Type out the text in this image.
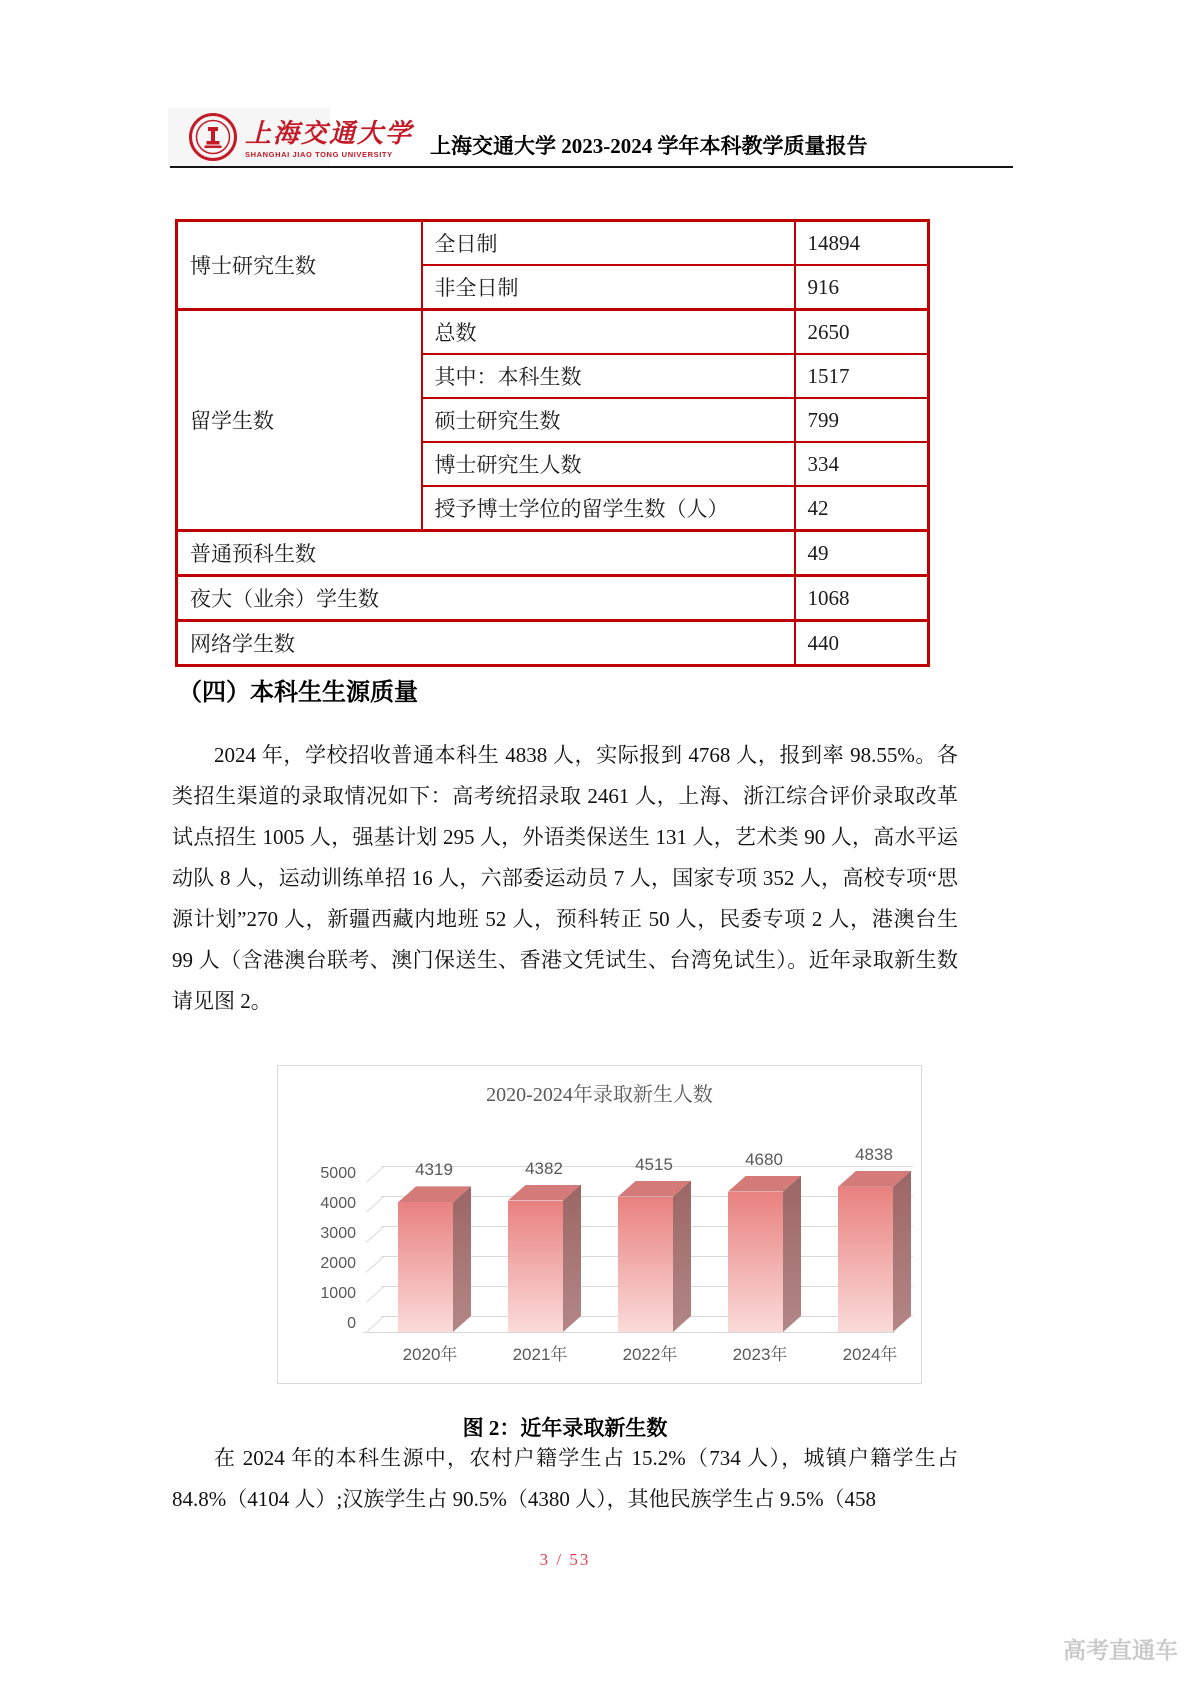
上海交通大学
SHANGHAI JIAO TONG UNIVERSITY	上海交通大学 2023-2024 学年本科教学质量报告
博士研究生数	全日制	14894
	非全日制	916
留学生数	总数	2650
	其中：本科生数	1517
	硕士研究生数	799
	博士研究生人数	334
	授予博士学位的留学生数（人）	42
普通预科生数		49
夜大（业余）学生数		1068
网络学生数		440
（四）本科生生源质量
2024 年，学校招收普通本科生 4838 人，实际报到 4768 人，报到率 98.55%。各类招生渠道的录取情况如下：高考统招录取 2461 人，上海、浙江综合评价录取改革试点招生 1005 人，强基计划 295 人，外语类保送生 131 人，艺术类 90 人，高水平运动队 8 人，运动训练单招 16 人，六部委运动员 7 人，国家专项 352 人，高校专项“思源计划”270 人，新疆西藏内地班 52 人，预科转正 50 人，民委专项 2 人，港澳台生 99 人（含港澳台联考、澳门保送生、香港文凭试生、台湾免试生）。近年录取新生数请见图 2。
2020-2024年录取新生人数
0
1000
2000
3000
4000
5000	4319
2020年
4382
2021年
4515
2022年
4680
2023年
4838
2024年
图 2：近年录取新生数
在 2024 年的本科生源中，农村户籍学生占 15.2%（734 人），城镇户籍学生占 84.8%（4104 人）;汉族学生占 90.5%（4380 人），其他民族学生占 9.5%（458
3 / 53
高考直通车
